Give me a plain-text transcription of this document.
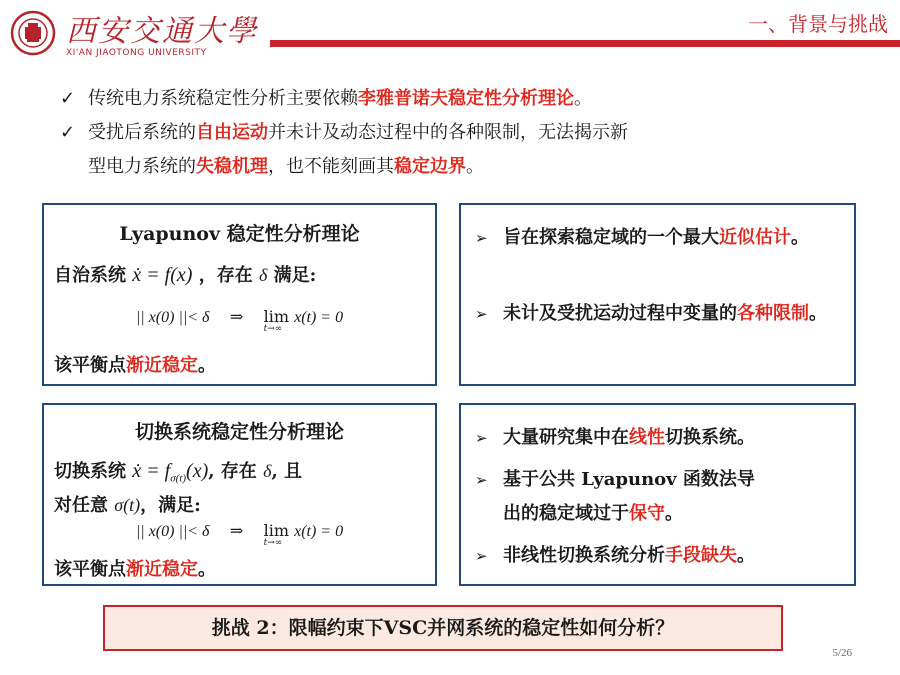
西安交通大學
XI'AN JIAOTONG UNIVERSITY
一、背景与挑战
✓ 传统电力系统稳定性分析主要依赖李雅普诺夫稳定性分析理论。
✓ 受扰后系统的自由运动并未计及动态过程中的各种限制，无法揭示新
型电力系统的失稳机理，也不能刻画其稳定边界。
Lyapunov 稳定性分析理论
自治系统 ẋ = f(x) ，存在 δ 满足:
|| x(0) ||< δ ⇒ lim
t→∞
x(t) = 0
该平衡点渐近稳定。
➢ 旨在探索稳定域的一个最大近似估计。
➢ 未计及受扰运动过程中变量的各种限制。
切换系统稳定性分析理论
切换系统 ẋ = $f_{\sigma(t)}(x)$, 存在 δ, 且
对任意 σ(t)，满足:
|| x(0) ||< δ ⇒ lim
t→∞
x(t) = 0
该平衡点渐近稳定。
➢ 大量研究集中在线性切换系统。
➢ 基于公共 Lyapunov 函数法导
出的稳定域过于保守。
➢ 非线性切换系统分析手段缺失。
挑战 2：限幅约束下VSC并网系统的稳定性如何分析？
5/26
